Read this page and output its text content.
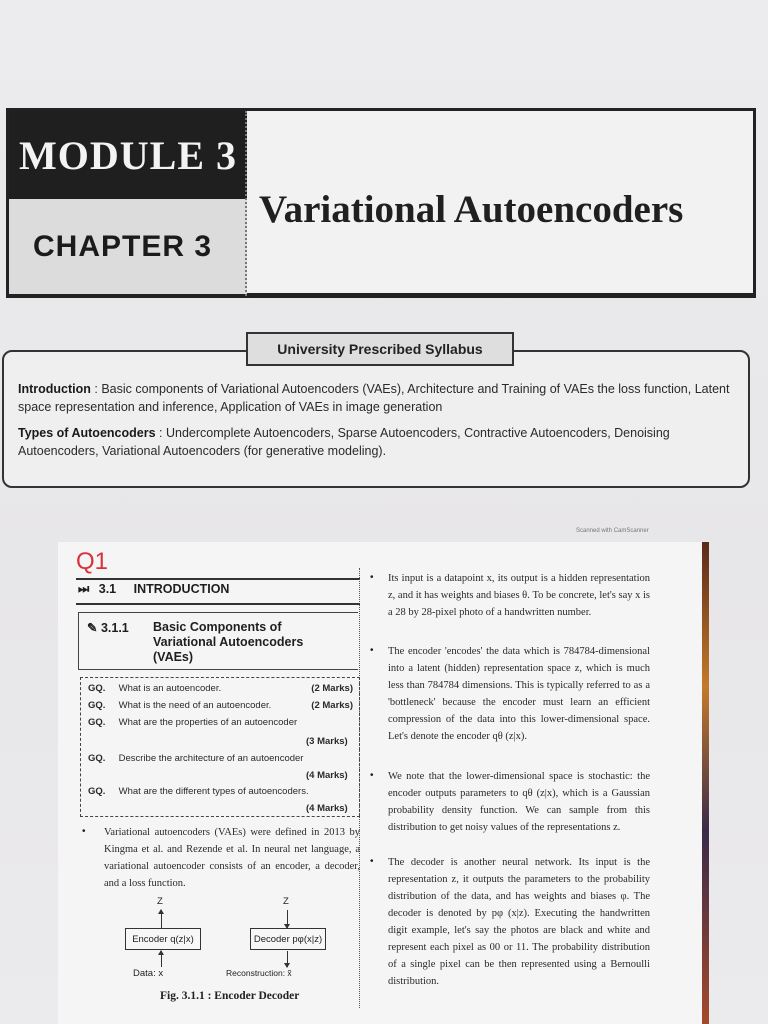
MODULE 3
CHAPTER 3
Variational Autoencoders
University Prescribed Syllabus

Introduction : Basic components of Variational Autoencoders (VAEs), Architecture and Training of VAEs the loss function, Latent space representation and inference, Application of VAEs in image generation

Types of Autoencoders : Undercomplete Autoencoders, Sparse Autoencoders, Contractive Autoencoders, Denoising Autoencoders, Variational Autoencoders (for generative modeling).

Scanned with CamScanner
Q1
⏭ 3.1 INTRODUCTION
✎ 3.1.1 Basic Components of Variational Autoencoders (VAEs)
GQ. What is an autoencoder.	(2 Marks)
GQ. What is the need of an autoencoder.	(2 Marks)
GQ. What are the properties of an autoencoder
(3 Marks)
GQ. Describe the architecture of an autoencoder
(4 Marks)
GQ. What are the different types of autoencoders.
(4 Marks)
• Variational autoencoders (VAEs) were defined in 2013 by Kingma et al. and Rezende et al. In neural net language, a variational autoencoder consists of an encoder, a decoder, and a loss function.
Z	Z
Encoder q(z|x)	Decoder pφ(x|z)
Data: x	Reconstruction: x̃
Fig. 3.1.1 : Encoder Decoder
• Its input is a datapoint x, its output is a hidden representation z, and it has weights and biases θ. To be concrete, let's say x is a 28 by 28-pixel photo of a handwritten number.
• The encoder 'encodes' the data which is 784784-dimensional into a latent (hidden) representation space z, which is much less than 784784 dimensions. This is typically referred to as a 'bottleneck' because the encoder must learn an efficient compression of the data into this lower-dimensional space. Let's denote the encoder qθ (z|x).
• We note that the lower-dimensional space is stochastic: the encoder outputs parameters to qθ (z|x), which is a Gaussian probability density function. We can sample from this distribution to get noisy values of the representations z.
• The decoder is another neural network. Its input is the representation z, it outputs the parameters to the probability distribution of the data, and has weights and biases φ. The decoder is denoted by pφ (x|z). Executing the handwritten digit example, let's say the photos are black and white and represent each pixel as 00 or 11. The probability distribution of a single pixel can be then represented using a Bernoulli distribution.
